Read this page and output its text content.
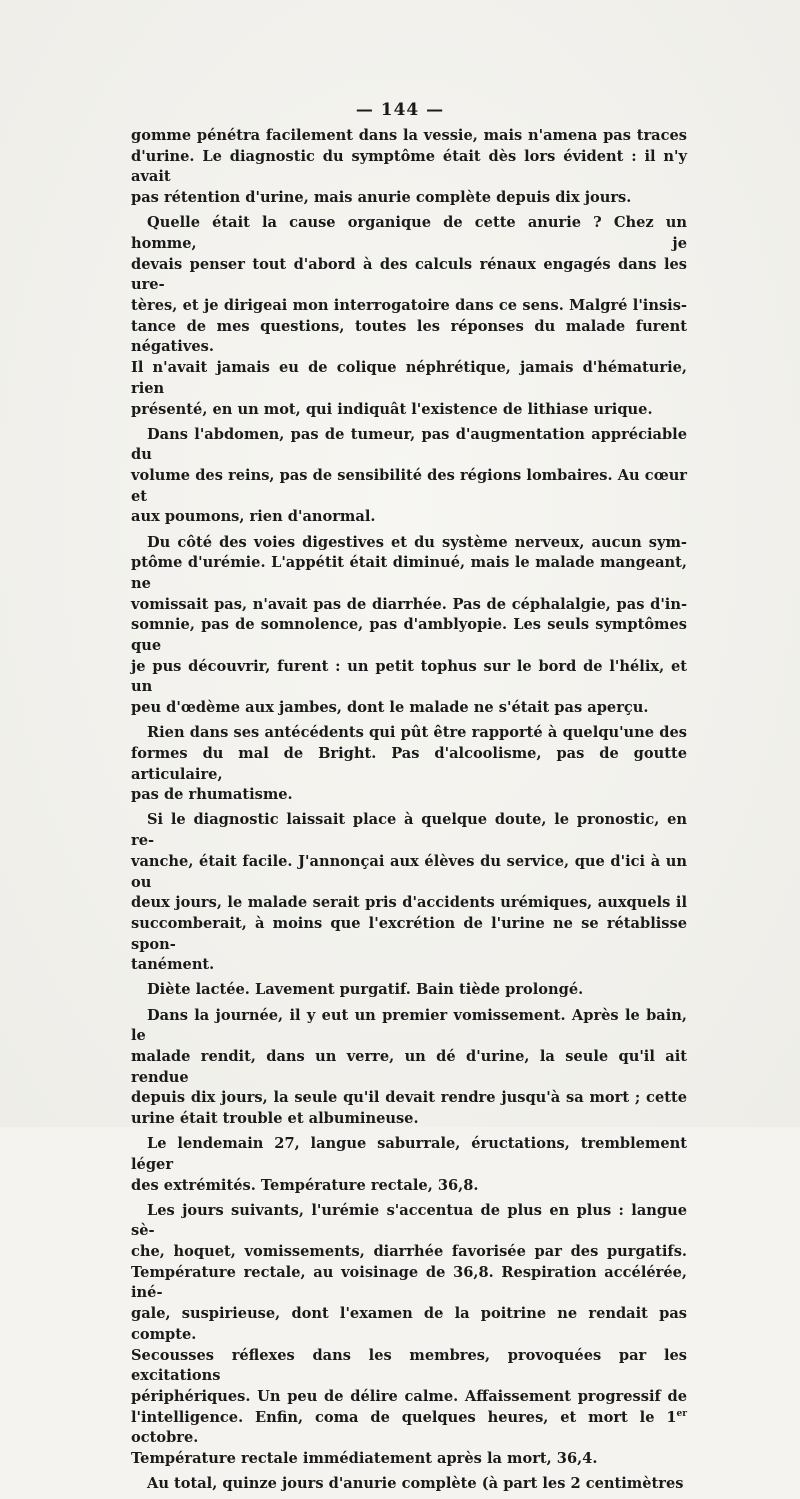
— 144 —
gomme pénétra facilement dans la vessie, mais n'amena pas traces
d'urine. Le diagnostic du symptôme était dès lors évident : il n'y avait
pas rétention d'urine, mais anurie complète depuis dix jours.
Quelle était la cause organique de cette anurie ? Chez un homme, je
devais penser tout d'abord à des calculs rénaux engagés dans les ure-
tères, et je dirigeai mon interrogatoire dans ce sens. Malgré l'insis-
tance de mes questions, toutes les réponses du malade furent négatives.
Il n'avait jamais eu de colique néphrétique, jamais d'hématurie, rien
présenté, en un mot, qui indiquât l'existence de lithiase urique.
Dans l'abdomen, pas de tumeur, pas d'augmentation appréciable du
volume des reins, pas de sensibilité des régions lombaires. Au cœur et
aux poumons, rien d'anormal.
Du côté des voies digestives et du système nerveux, aucun sym-
ptôme d'urémie. L'appétit était diminué, mais le malade mangeant, ne
vomissait pas, n'avait pas de diarrhée. Pas de céphalalgie, pas d'in-
somnie, pas de somnolence, pas d'amblyopie. Les seuls symptômes que
je pus découvrir, furent : un petit tophus sur le bord de l'hélix, et un
peu d'œdème aux jambes, dont le malade ne s'était pas aperçu.
Rien dans ses antécédents qui pût être rapporté à quelqu'une des
formes du mal de Bright. Pas d'alcoolisme, pas de goutte articulaire,
pas de rhumatisme.
Si le diagnostic laissait place à quelque doute, le pronostic, en re-
vanche, était facile. J'annonçai aux élèves du service, que d'ici à un ou
deux jours, le malade serait pris d'accidents urémiques, auxquels il
succomberait, à moins que l'excrétion de l'urine ne se rétablisse spon-
tanément.
Diète lactée. Lavement purgatif. Bain tiède prolongé.
Dans la journée, il y eut un premier vomissement. Après le bain, le
malade rendit, dans un verre, un dé d'urine, la seule qu'il ait rendue
depuis dix jours, la seule qu'il devait rendre jusqu'à sa mort ; cette
urine était trouble et albumineuse.
Le lendemain 27, langue saburrale, éructations, tremblement léger
des extrémités. Température rectale, 36,8.
Les jours suivants, l'urémie s'accentua de plus en plus : langue sè-
che, hoquet, vomissements, diarrhée favorisée par des purgatifs.
Température rectale, au voisinage de 36,8. Respiration accélérée, iné-
gale, suspirieuse, dont l'examen de la poitrine ne rendait pas compte.
Secousses réflexes dans les membres, provoquées par les excitations
périphériques. Un peu de délire calme. Affaissement progressif de
l'intelligence. Enfin, coma de quelques heures, et mort le 1er octobre.
Température rectale immédiatement après la mort, 36,4.
Au total, quinze jours d'anurie complète (à part les 2 centimètres
